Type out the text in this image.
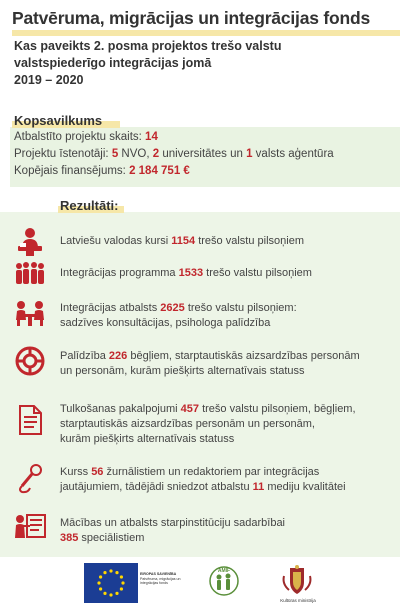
Patvēruma, migrācijas un integrācijas fonds
Kas paveikts 2. posma projektos trešo valstu
valstspiederīgo integrācijas jomā
2019 – 2020
Kopsavilkums
Atbalstīto projektu skaits: 14
Projektu īstenotāji: 5 NVO, 2 universitātes un 1 valsts aģentūra
Kopējais finansējums: 2 184 751 €
Rezultāti:
Latviešu valodas kursi 1154 trešo valstu pilsoņiem
Integrācijas programma 1533 trešo valstu pilsoņiem
Integrācijas atbalsts 2625 trešo valstu pilsoņiem:
sadzīves konsultācijas, psihologa palīdzība
Palīdzība 226 bēgļiem, starptautiskās aizsardzības personām
un personām, kurām piešķirts alternatīvais statuss
Tulkošanas pakalpojumi 457 trešo valstu pilsoņiem, bēgļiem,
starptautiskās aizsardzības personām un personām,
kurām piešķirts alternatīvais statuss
Kurss 56 žurnālistiem un redaktoriem par integrācijas
jautājumiem, tādējādi sniedzot atbalstu 11 mediju kvalitātei
Mācības un atbalsts starpinstitūciju sadarbībai
385 speciālistiem
EIROPAS SAVIENĪBA
Patvēruma, migrācijas un
integrācijas fonds
AMIF
Kultūras ministrija
